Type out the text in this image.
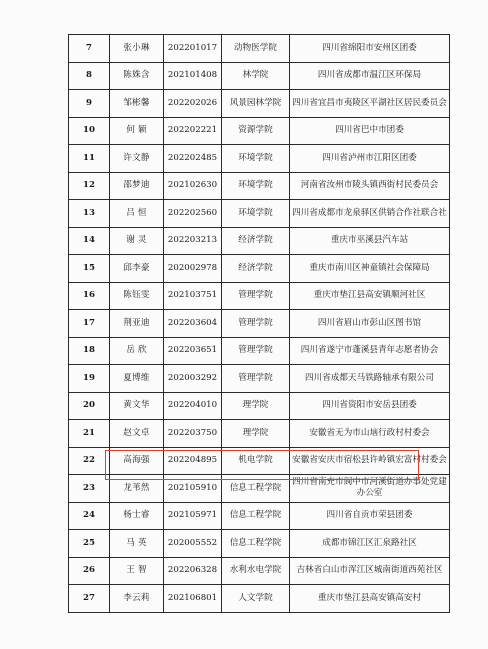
7	张小琳	202201017	动物医学院	四川省绵阳市安州区团委
8	陈姝含	202101408	林学院	四川省成都市温江区环保局
9	邹彬馨	202202026	风景园林学院	四川省宜昌市夷陵区平湖社区居民委员会
10	何 颖	202202221	资源学院	四川省巴中市团委
11	许文静	202202485	环境学院	四川省泸州市江阳区团委
12	邵梦迪	202102630	环境学院	河南省汝州市陵头镇西街村民委员会
13	吕 恒	202202560	环境学院	四川省成都市龙泉驿区供销合作社联合社
14	谢 灵	202203213	经济学院	重庆市巫溪县汽车站
15	邱李豪	202002978	经济学院	重庆市南川区神童镇社会保障局
16	陈钰雯	202103751	管理学院	重庆市垫江县高安镇顺河社区
17	荆亚迪	202203604	管理学院	四川省眉山市彭山区图书馆
18	岳 欣	202203651	管理学院	四川省遂宁市蓬溪县青年志愿者协会
19	夏博维	202003292	管理学院	四川省成都天马铁路轴承有限公司
20	黄文华	202204010	理学院	四川省资阳市安岳县团委
21	赵文卓	202203750	理学院	安徽省无为市山垴行政村村委会
22	高海强	202204895	机电学院	安徽省安庆市宿松县许岭镇宏富村村委会
23	龙苇然	202105910	信息工程学院	四川省南充市阆中市河溪街道办事处党建办公室
24	杨士睿	202105971	信息工程学院	四川省自贡市荣县团委
25	马 英	202005552	信息工程学院	成都市锦江区汇泉路社区
26	王 智	202206328	水利水电学院	吉林省白山市浑江区城南街道西苑社区
27	李云莉	202106801	人文学院	重庆市垫江县高安镇高安村
